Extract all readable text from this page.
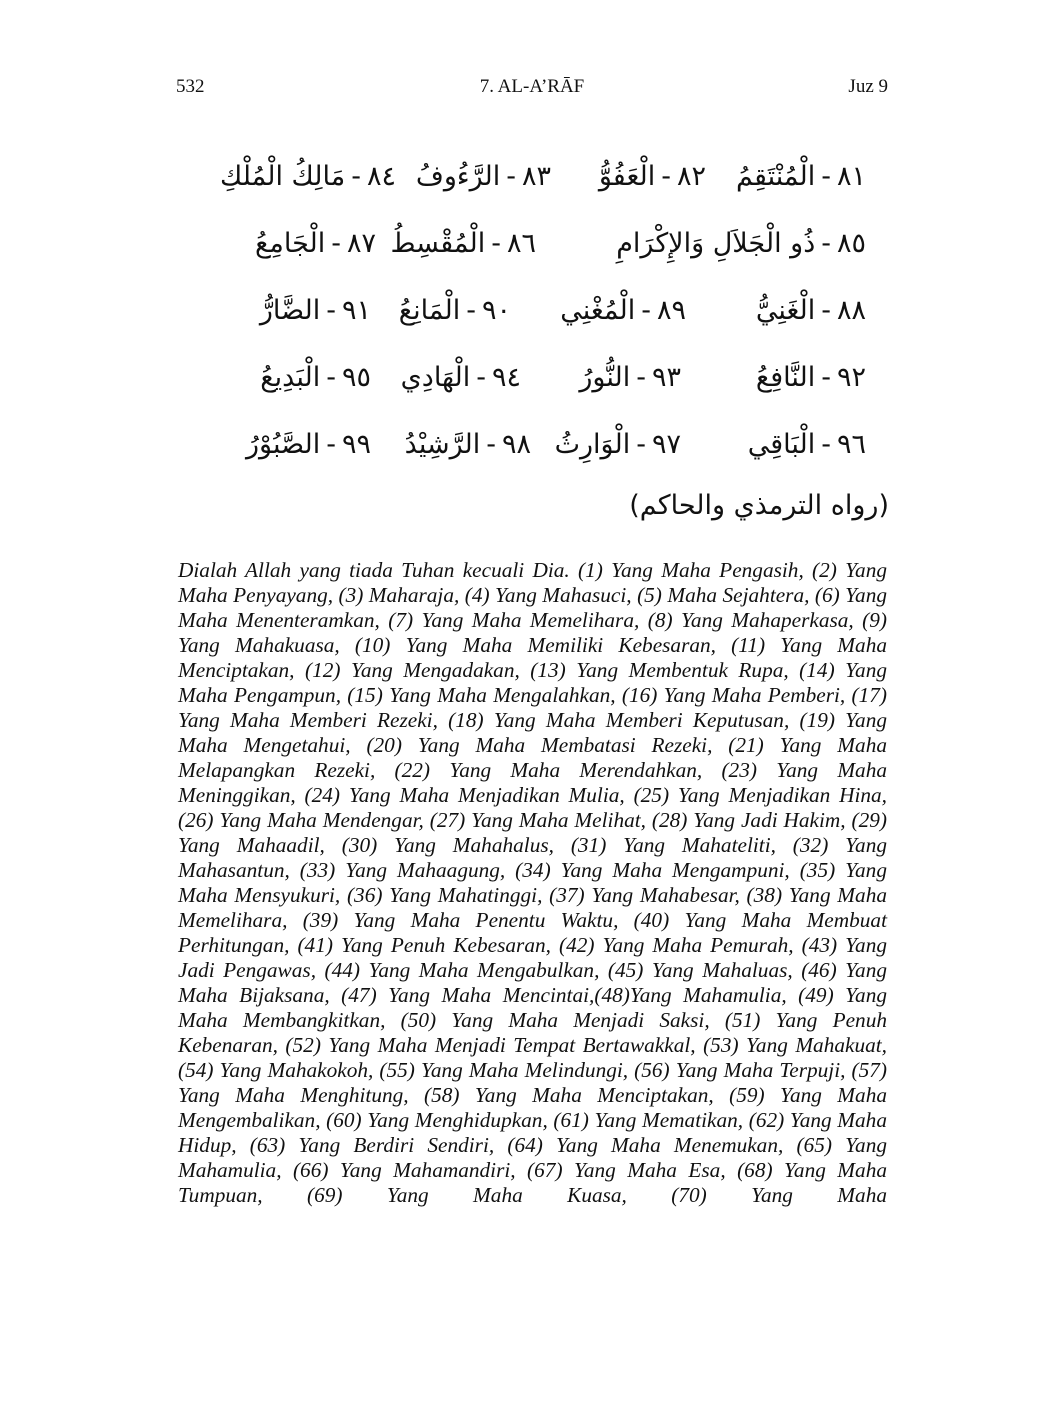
532	7. AL-A’RĀF	Juz 9
٨١-الْمُنْتَقِمُ
٨٢-الْعَفُوُّ
٨٣-الرَّءُوفُ
٨٤-مَالِكُ الْمُلْكِ
٨٥-ذُو الْجَلاَلِ وَالإِكْرَامِ
٨٦-الْمُقْسِطُ
٨٧-الْجَامِعُ
٨٨-الْغَنِيُّ
٨٩-الْمُغْنِي
٩٠-الْمَانِعُ
٩١-الضَّارُّ
٩٢-النَّافِعُ
٩٣-النُّورُ
٩٤-الْهَادِي
٩٥-الْبَدِيعُ
٩٦-الْبَاقِي
٩٧-الْوَارِثُ
٩٨-الرَّشِيْدُ
٩٩-الصَّبُوْرُ
(رواه الترمذي والحاكم)

Dialah Allah yang tiada Tuhan kecuali Dia. (1) Yang Maha Pengasih, (2) Yang Maha Penyayang, (3) Maharaja, (4) Yang Mahasuci, (5) Maha Sejahtera, (6) Yang Maha Menenteramkan, (7) Yang Maha Memelihara, (8) Yang Mahaperkasa, (9) Yang Mahakuasa, (10) Yang Maha Memiliki Kebesaran, (11) Yang Maha Menciptakan, (12) Yang Mengadakan, (13) Yang Membentuk Rupa, (14) Yang Maha Pengampun, (15) Yang Maha Mengalahkan, (16) Yang Maha Pemberi, (17) Yang Maha Memberi Rezeki, (18) Yang Maha Memberi Keputusan, (19) Yang Maha Mengetahui, (20) Yang Maha Membatasi Rezeki, (21) Yang Maha Melapangkan Rezeki, (22) Yang Maha Merendahkan, (23) Yang Maha Meninggikan, (24) Yang Maha Menjadikan Mulia, (25) Yang Menjadikan Hina, (26) Yang Maha Mendengar, (27) Yang Maha Melihat, (28) Yang Jadi Hakim, (29) Yang Mahaadil, (30) Yang Mahahalus, (31) Yang Mahateliti, (32) Yang Mahasantun, (33) Yang Mahaagung, (34) Yang Maha Mengampuni, (35) Yang Maha Mensyukuri, (36) Yang Mahatinggi, (37) Yang Mahabesar, (38) Yang Maha Memelihara, (39) Yang Maha Penentu Waktu, (40) Yang Maha Membuat Perhitungan, (41) Yang Penuh Kebesaran, (42) Yang Maha Pemurah, (43) Yang Jadi Pengawas, (44) Yang Maha Mengabulkan, (45) Yang Mahaluas, (46) Yang Maha Bijaksana, (47) Yang Maha Mencintai,(48)Yang Mahamulia, (49) Yang Maha Membangkitkan, (50) Yang Maha Menjadi Saksi, (51) Yang Penuh Kebenaran, (52) Yang Maha Menjadi Tempat Bertawakkal, (53) Yang Mahakuat, (54) Yang Mahakokoh, (55) Yang Maha Melindungi, (56) Yang Maha Terpuji, (57) Yang Maha Menghitung, (58) Yang Maha Menciptakan, (59) Yang Maha Mengembalikan, (60) Yang Menghidupkan, (61) Yang Mematikan, (62) Yang Maha Hidup, (63) Yang Berdiri Sendiri, (64) Yang Maha Menemukan, (65) Yang Mahamulia, (66) Yang Mahamandiri, (67) Yang Maha Esa, (68) Yang Maha Tumpuan, (69) Yang Maha Kuasa, (70) Yang Maha
